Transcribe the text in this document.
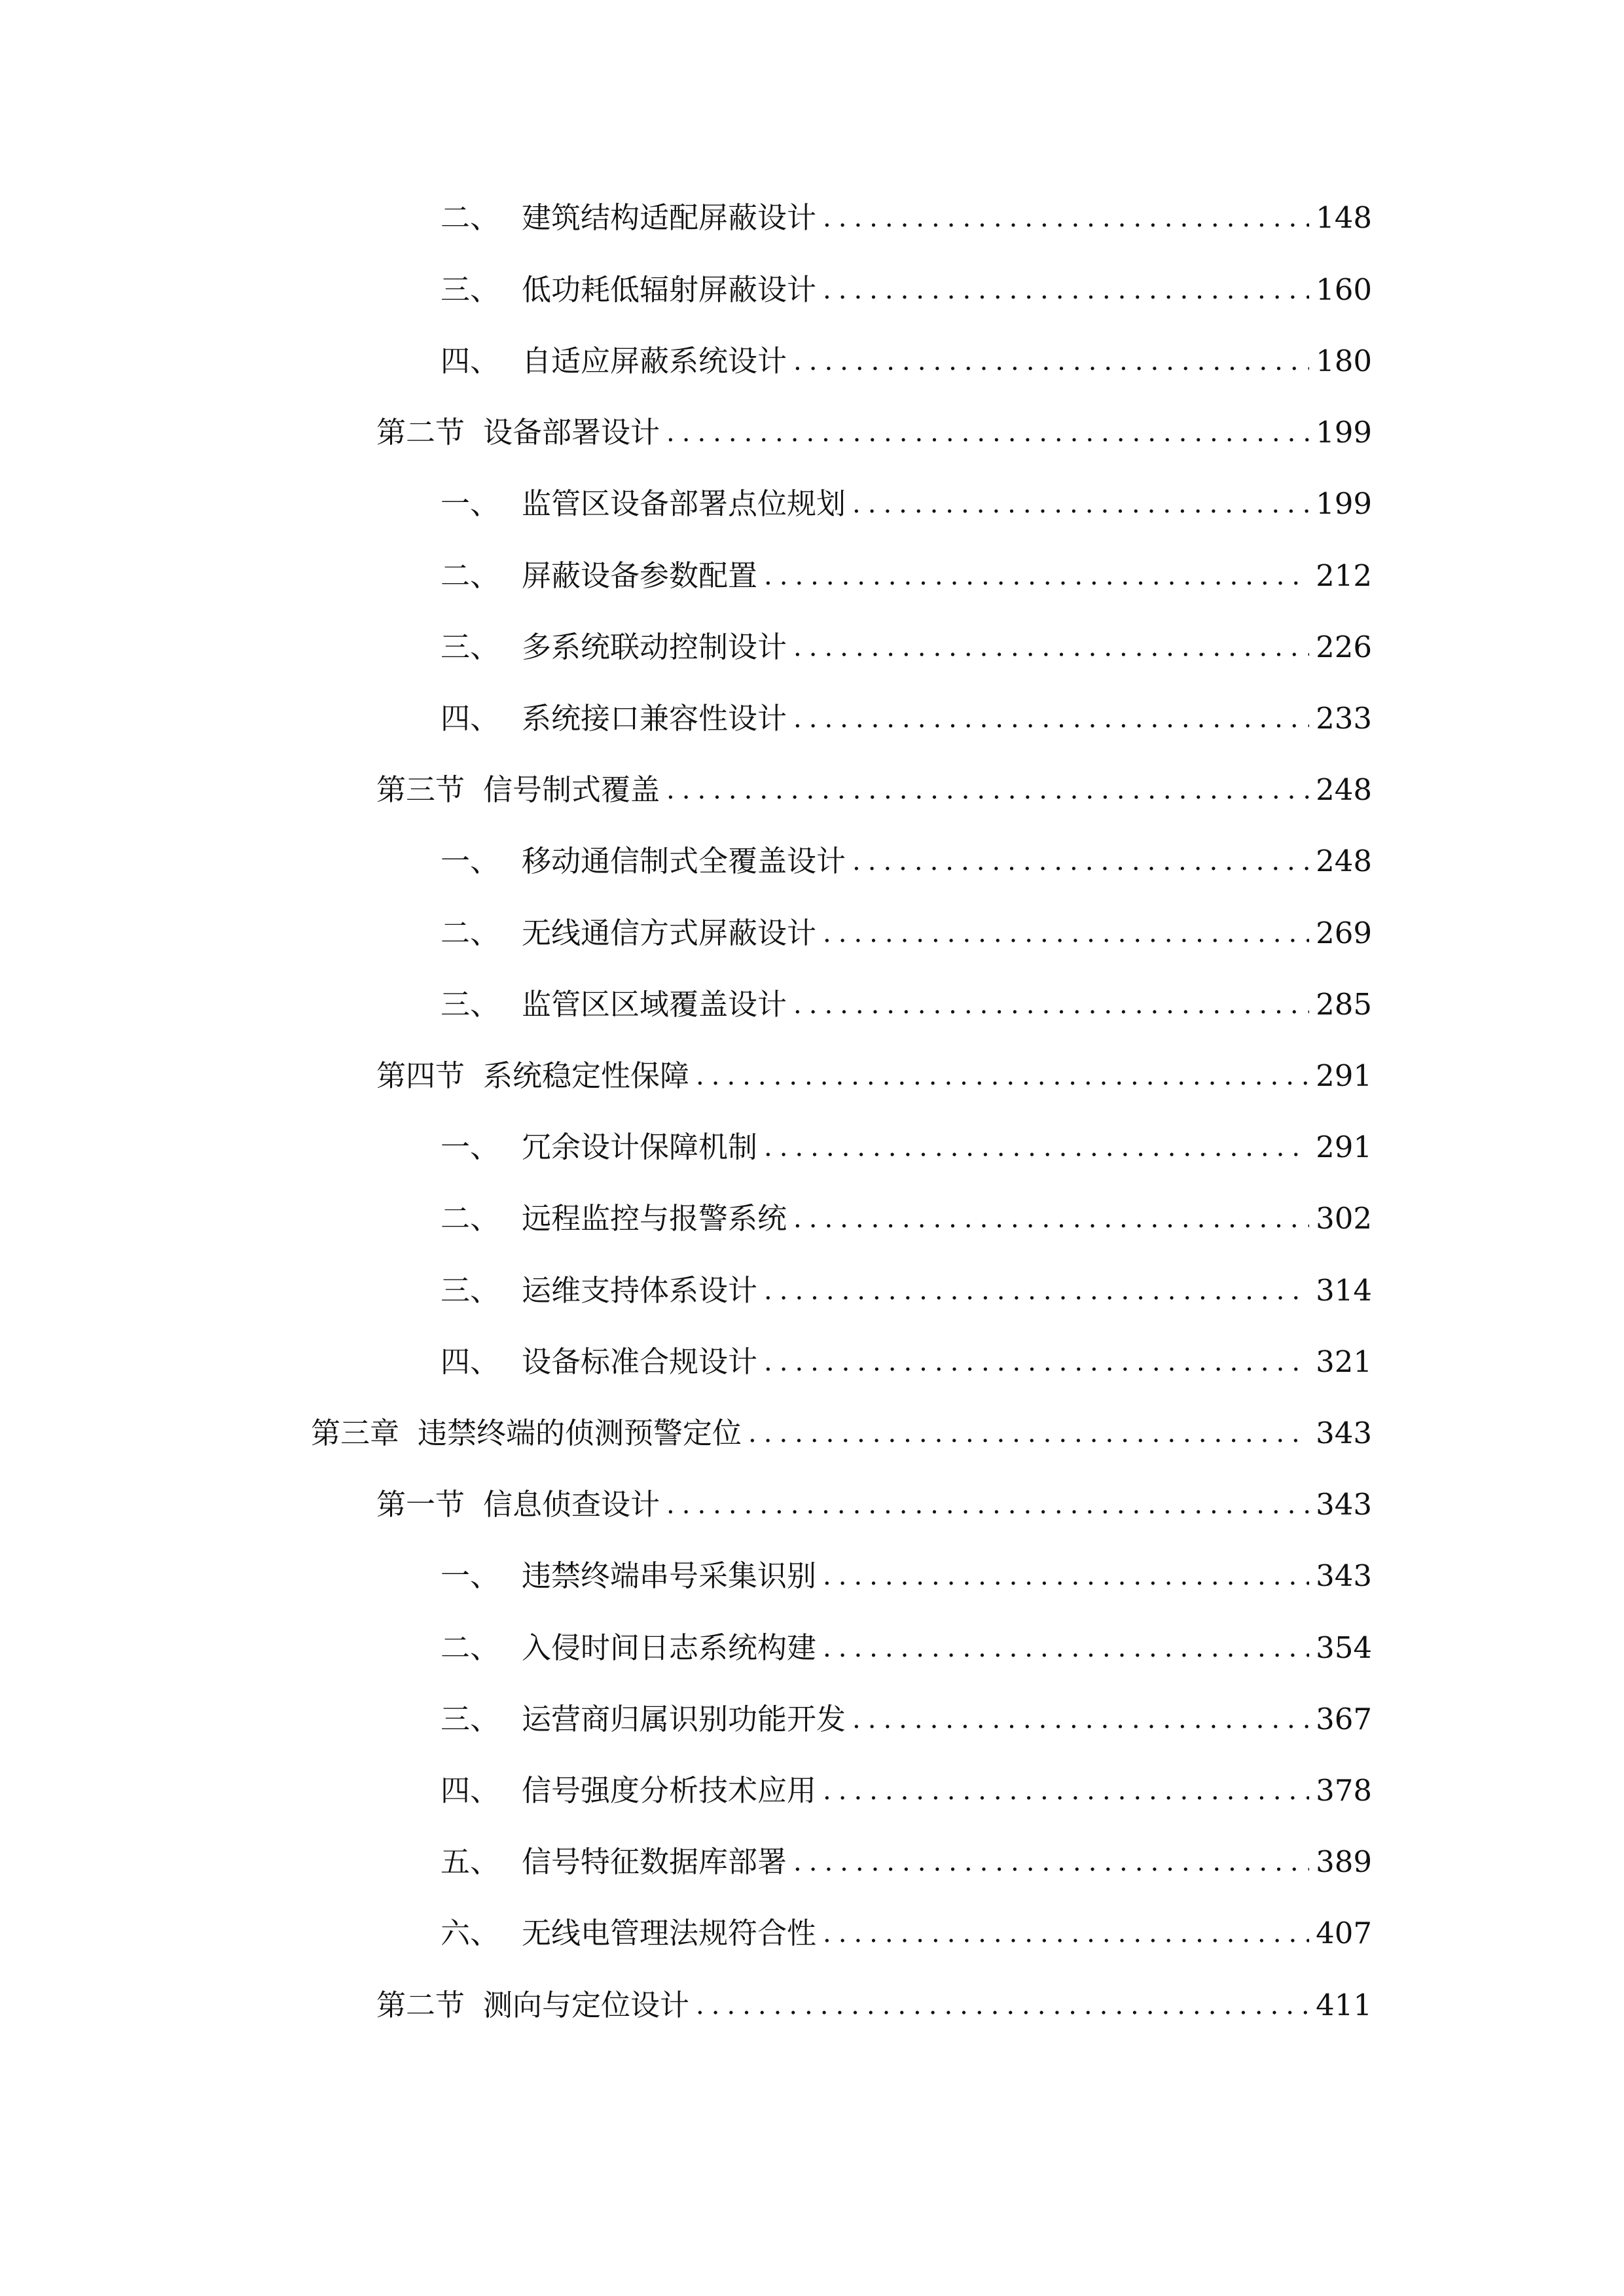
二、 建筑结构适配屏蔽设计 .....	148
三、 低功耗低辐射屏蔽设计 .....	160
四、 自适应屏蔽系统设计 .....	180
第二节 设备部署设计 .....	199
一、 监管区设备部署点位规划 .....	199
二、 屏蔽设备参数配置 .....	212
三、 多系统联动控制设计 .....	226
四、 系统接口兼容性设计 .....	233
第三节 信号制式覆盖 .....	248
一、 移动通信制式全覆盖设计 .....	248
二、 无线通信方式屏蔽设计 .....	269
三、 监管区区域覆盖设计 .....	285
第四节 系统稳定性保障 .....	291
一、 冗余设计保障机制 .....	291
二、 远程监控与报警系统 .....	302
三、 运维支持体系设计 .....	314
四、 设备标准合规设计 .....	321
第三章 违禁终端的侦测预警定位 .....	343
第一节 信息侦查设计 .....	343
一、 违禁终端串号采集识别 .....	343
二、 入侵时间日志系统构建 .....	354
三、 运营商归属识别功能开发 .....	367
四、 信号强度分析技术应用 .....	378
五、 信号特征数据库部署 .....	389
六、 无线电管理法规符合性 .....	407
第二节 测向与定位设计 .....	411
